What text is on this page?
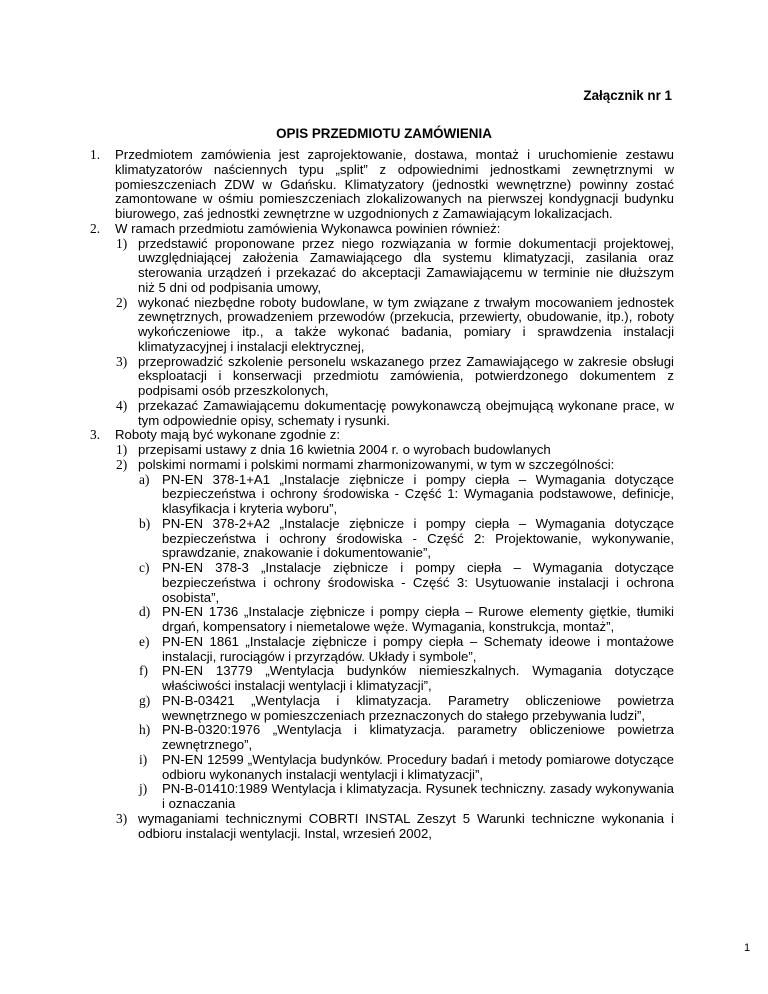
Załącznik nr 1
OPIS PRZEDMIOTU ZAMÓWIENIA
1. Przedmiotem zamówienia jest zaprojektowanie, dostawa, montaż i uruchomienie zestawu klimatyzatorów naściennych typu „split” z odpowiednimi jednostkami zewnętrznymi w pomieszczeniach ZDW w Gdańsku. Klimatyzatory (jednostki wewnętrzne) powinny zostać zamontowane w ośmiu pomieszczeniach zlokalizowanych na pierwszej kondygnacji budynku biurowego, zaś jednostki zewnętrzne w uzgodnionych z Zamawiającym lokalizacjach.
2. W ramach przedmiotu zamówienia Wykonawca powinien również:
1) przedstawić proponowane przez niego rozwiązania w formie dokumentacji projektowej, uwzględniającej założenia Zamawiającego dla systemu klimatyzacji, zasilania oraz sterowania urządzeń i przekazać do akceptacji Zamawiającemu w terminie nie dłuższym niż 5 dni od podpisania umowy,
2) wykonać niezbędne roboty budowlane, w tym związane z trwałym mocowaniem jednostek zewnętrznych, prowadzeniem przewodów (przekucia, przewierty, obudowanie, itp.), roboty wykończeniowe itp., a także wykonać badania, pomiary i sprawdzenia instalacji klimatyzacyjnej i instalacji elektrycznej,
3) przeprowadzić szkolenie personelu wskazanego przez Zamawiającego w zakresie obsługi eksploatacji i konserwacji przedmiotu zamówienia, potwierdzonego dokumentem z podpisami osób przeszkolonych,
4) przekazać Zamawiającemu dokumentację powykonawczą obejmującą wykonane prace, w tym odpowiednie opisy, schematy i rysunki.
3. Roboty mają być wykonane zgodnie z:
1) przepisami ustawy z dnia 16 kwietnia 2004 r. o wyrobach budowlanych
2) polskimi normami i polskimi normami zharmonizowanymi, w tym w szczególności:
a) PN-EN 378-1+A1 „Instalacje ziębnicze i pompy ciepła – Wymagania dotyczące bezpieczeństwa i ochrony środowiska - Część 1: Wymagania podstawowe, definicje, klasyfikacja i kryteria wyboru”,
b) PN-EN 378-2+A2 „Instalacje ziębnicze i pompy ciepła – Wymagania dotyczące bezpieczeństwa i ochrony środowiska - Część 2: Projektowanie, wykonywanie, sprawdzanie, znakowanie i dokumentowanie”,
c) PN-EN 378-3 „Instalacje ziębnicze i pompy ciepła – Wymagania dotyczące bezpieczeństwa i ochrony środowiska - Część 3: Usytuowanie instalacji i ochrona osobista”,
d) PN-EN 1736 „Instalacje ziębnicze i pompy ciepła – Rurowe elementy giętkie, tłumiki drgań, kompensatory i niemetalowe węże. Wymagania, konstrukcja, montaż”,
e) PN-EN 1861 „Instalacje ziębnicze i pompy ciepła – Schematy ideowe i montażowe instalacji, rurociągów i przyrządów. Układy i symbole”,
f) PN-EN 13779 „Wentylacja budynków niemieszkalnych. Wymagania dotyczące właściwości instalacji wentylacji i klimatyzacji”,
g) PN-B-03421 „Wentylacja i klimatyzacja. Parametry obliczeniowe powietrza wewnętrznego w pomieszczeniach przeznaczonych do stałego przebywania ludzi”,
h) PN-B-0320:1976 „Wentylacja i klimatyzacja. parametry obliczeniowe powietrza zewnętrznego”,
i) PN-EN 12599 „Wentylacja budynków. Procedury badań i metody pomiarowe dotyczące odbioru wykonanych instalacji wentylacji i klimatyzacji”,
j) PN-B-01410:1989 Wentylacja i klimatyzacja. Rysunek techniczny. zasady wykonywania i oznaczania
3) wymaganiami technicznymi COBRTI INSTAL Zeszyt 5 Warunki techniczne wykonania i odbioru instalacji wentylacji. Instal, wrzesień 2002,
1
